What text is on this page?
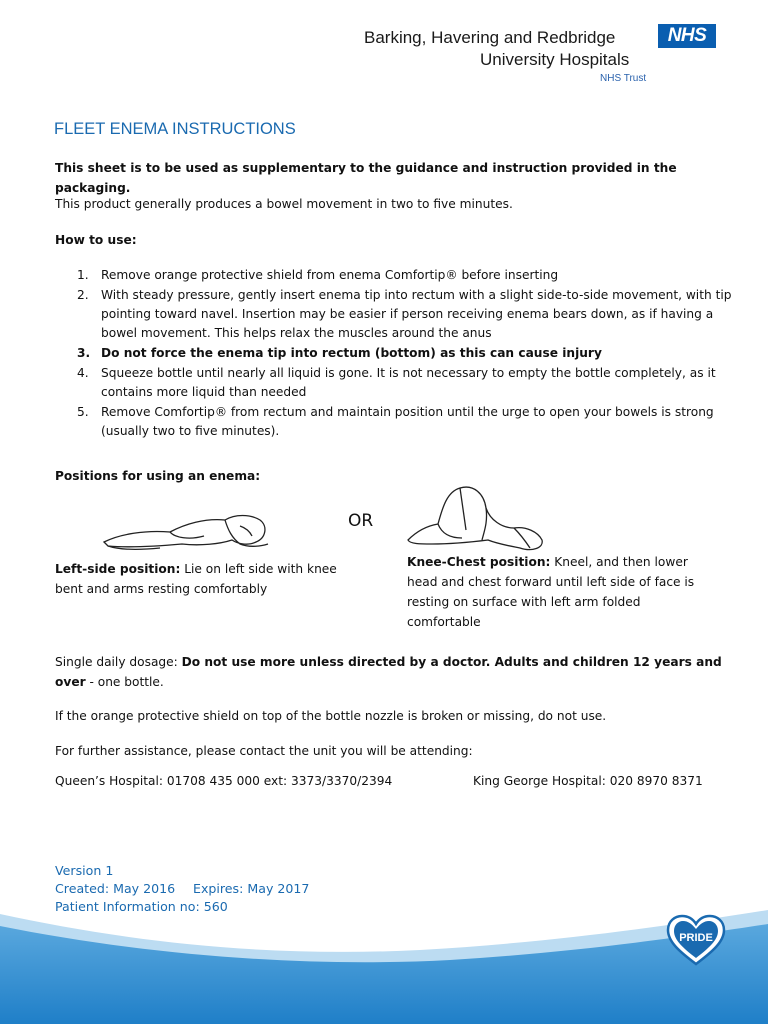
Barking, Havering and Redbridge
University Hospitals
NHS Trust
NHS
FLEET ENEMA INSTRUCTIONS
This sheet is to be used as supplementary to the guidance and instruction provided in the packaging.
This product generally produces a bowel movement in two to five minutes.
How to use:
1. Remove orange protective shield from enema Comfortip® before inserting
2. With steady pressure, gently insert enema tip into rectum with a slight side-to-side movement, with tip pointing toward navel. Insertion may be easier if person receiving enema bears down, as if having a bowel movement. This helps relax the muscles around the anus
3. Do not force the enema tip into rectum (bottom) as this can cause injury
4. Squeeze bottle until nearly all liquid is gone. It is not necessary to empty the bottle completely, as it contains more liquid than needed
5. Remove Comfortip® from rectum and maintain position until the urge to open your bowels is strong (usually two to five minutes).
Positions for using an enema:
OR
Left-side position: Lie on left side with knee bent and arms resting comfortably
Knee-Chest position: Kneel, and then lower head and chest forward until left side of face is resting on surface with left arm folded comfortable
Single daily dosage: Do not use more unless directed by a doctor. Adults and children 12 years and over - one bottle.
If the orange protective shield on top of the bottle nozzle is broken or missing, do not use.
For further assistance, please contact the unit you will be attending:
Queen’s Hospital: 01708 435 000 ext: 3373/3370/2394	King George Hospital: 020 8970 8371
Version 1
Created: May 2016 Expires: May 2017
Patient Information no: 560
PRIDE
